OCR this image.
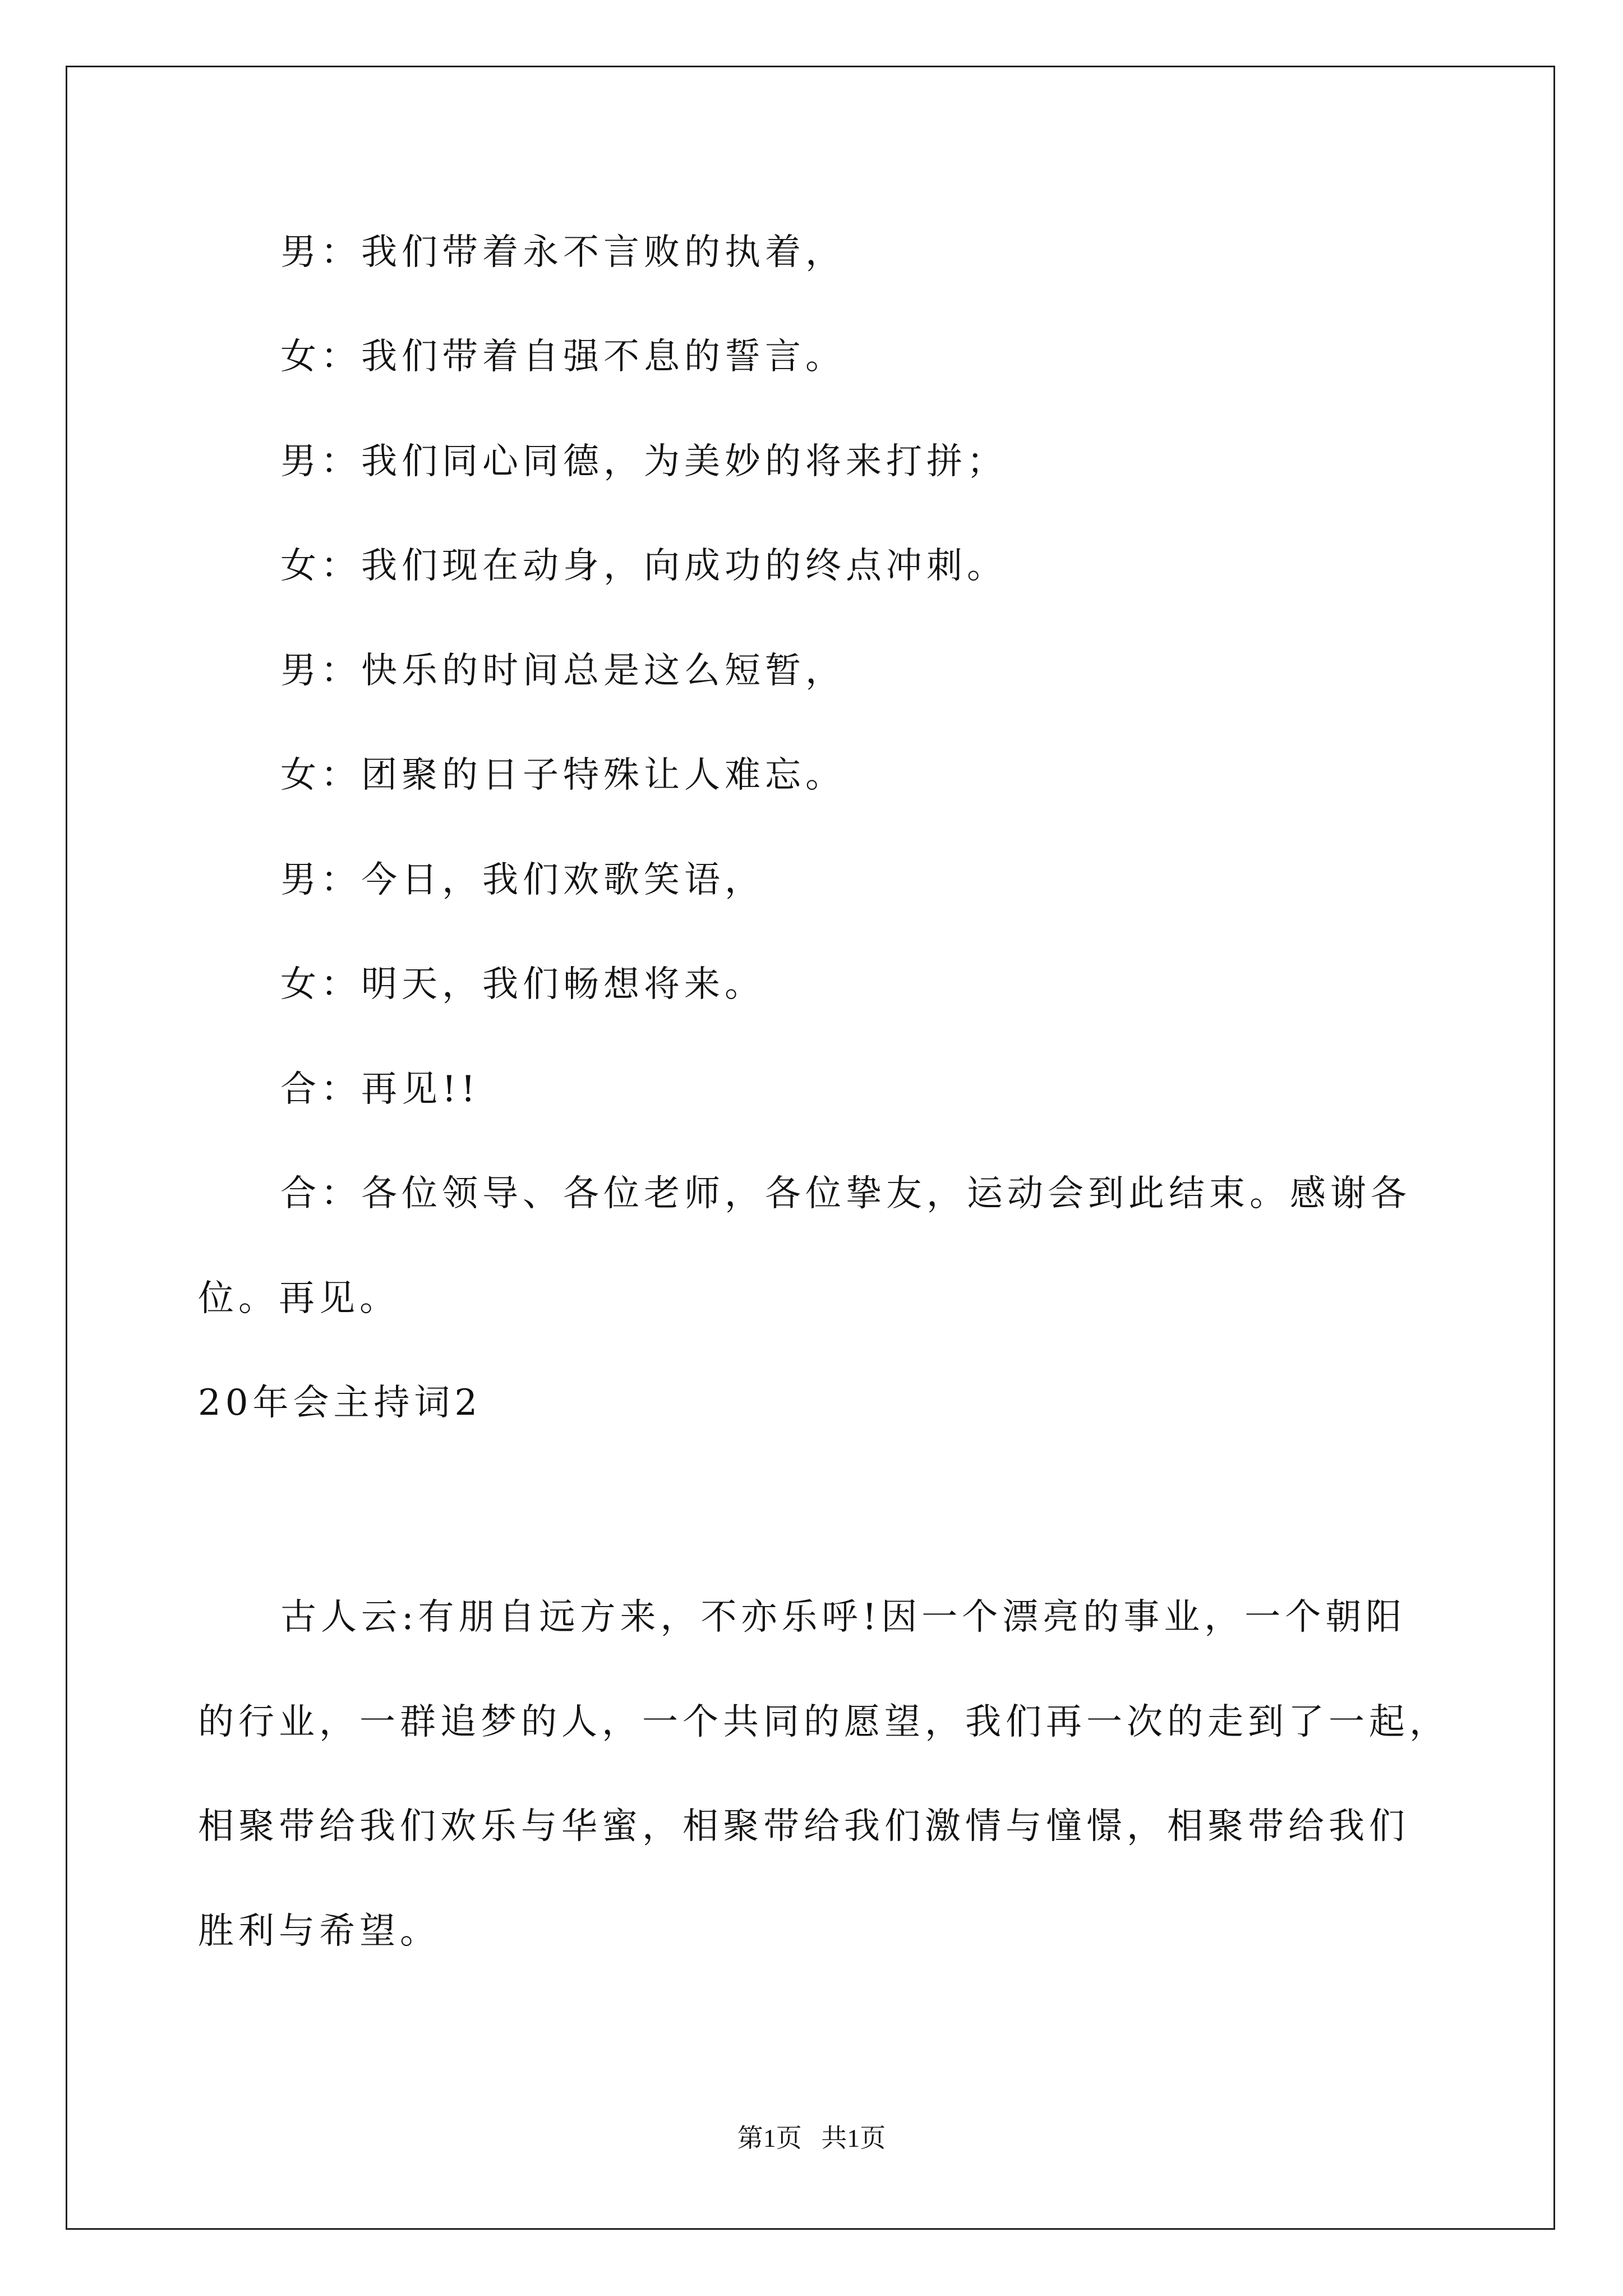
男：我们带着永不言败的执着，
女：我们带着自强不息的誓言。
男：我们同心同德，为美妙的将来打拼；
女：我们现在动身，向成功的终点冲刺。
男：快乐的时间总是这么短暂，
女：团聚的日子特殊让人难忘。
男：今日，我们欢歌笑语，
女：明天，我们畅想将来。
合：再见!!
合：各位领导、各位老师，各位挚友，运动会到此结束。感谢各
位。再见。
20年会主持词2
古人云:有朋自远方来，不亦乐呼!因一个漂亮的事业，一个朝阳
的行业，一群追梦的人，一个共同的愿望，我们再一次的走到了一起，
相聚带给我们欢乐与华蜜，相聚带给我们激情与憧憬，相聚带给我们
胜利与希望。
第1页   共1页
